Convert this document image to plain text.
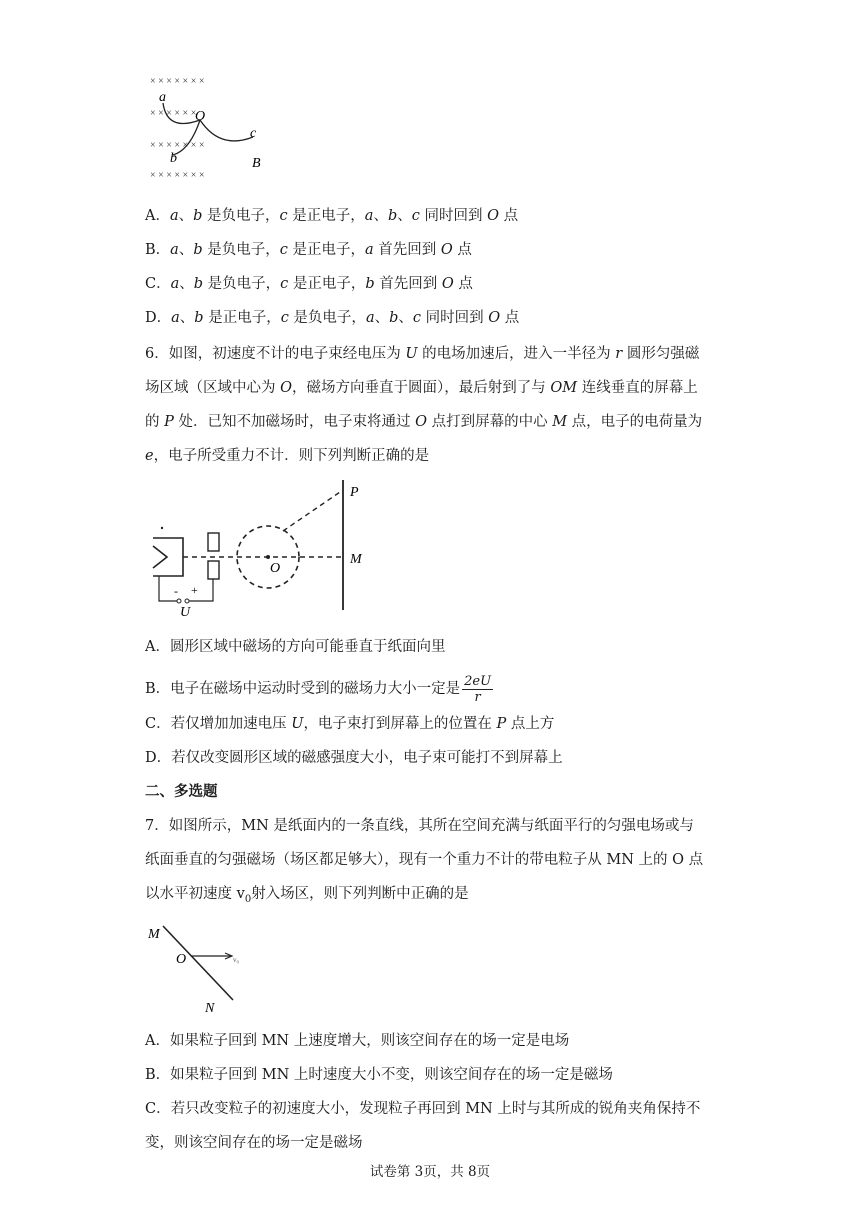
× × × × × × ×
× × × × × ×
× × × × × × ×
× × × × × × ×
a
O
c
b	B
A．a、b 是负电子，c 是正电子，a、b、c 同时回到 O 点
B．a、b 是负电子，c 是正电子，a 首先回到 O 点
C．a、b 是负电子，c 是正电子，b 首先回到 O 点
D．a、b 是正电子，c 是负电子，a、b、c 同时回到 O 点
6．如图，初速度不计的电子束经电压为 U 的电场加速后，进入一半径为 r 圆形匀强磁
场区域（区域中心为 O，磁场方向垂直于圆面），最后射到了与 OM 连线垂直的屏幕上
的 P 处．已知不加磁场时，电子束将通过 O 点打到屏幕的中心 M 点，电子的电荷量为
e，电子所受重力不计．则下列判断正确的是
- +
U
O
P
M
A．圆形区域中磁场的方向可能垂直于纸面向里
B．电子在磁场中运动时受到的磁场力大小一定是 $\frac{2eU}{r}$
C．若仅增加加速电压 U，电子束打到屏幕上的位置在 P 点上方
D．若仅改变圆形区域的磁感强度大小，电子束可能打不到屏幕上
二、多选题
7．如图所示，MN 是纸面内的一条直线，其所在空间充满与纸面平行的匀强电场或与
纸面垂直的匀强磁场（场区都足够大），现有一个重力不计的带电粒子从 MN 上的 O 点
以水平初速度 $v_0$射入场区，则下列判断中正确的是
M
O	v₀
N
A．如果粒子回到 MN 上速度增大，则该空间存在的场一定是电场
B．如果粒子回到 MN 上时速度大小不变，则该空间存在的场一定是磁场
C．若只改变粒子的初速度大小，发现粒子再回到 MN 上时与其所成的锐角夹角保持不
变，则该空间存在的场一定是磁场
试卷第 3页，共 8页
